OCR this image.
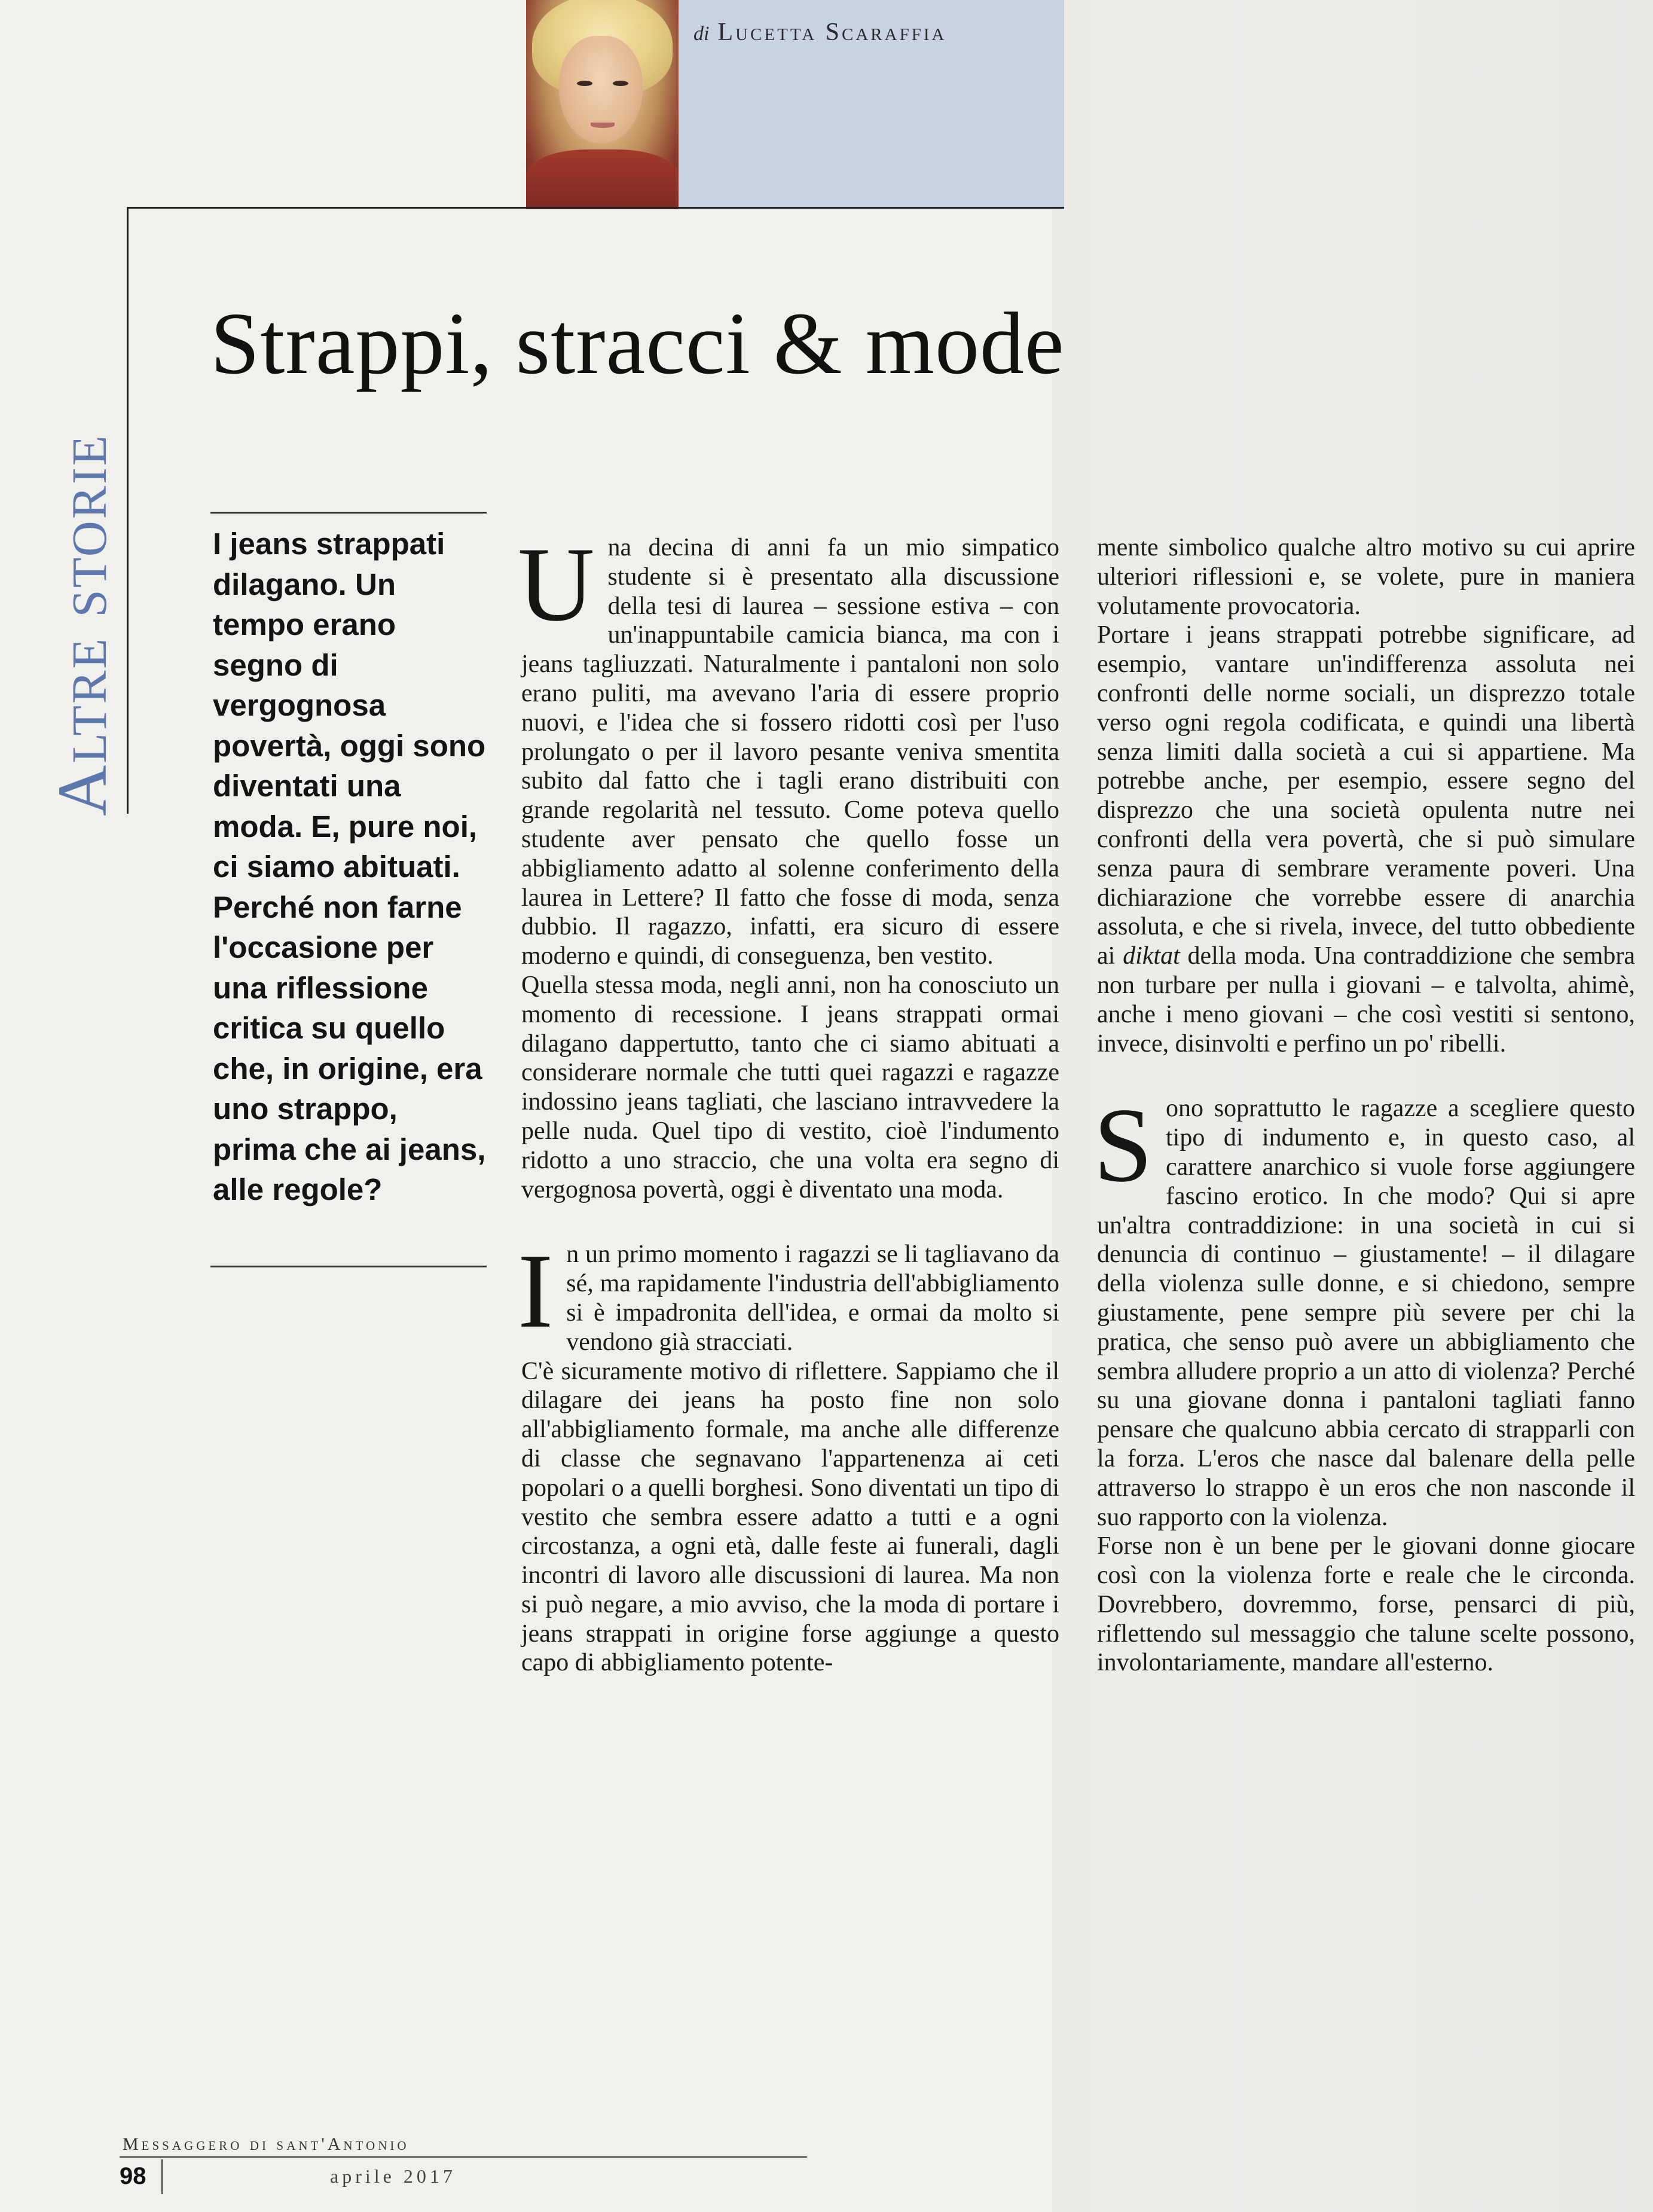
di Lucetta Scaraffia
Altre storie
Strappi, stracci & mode
I jeans strappati dilagano. Un tempo erano segno di vergognosa povertà, oggi sono diventati una moda. E, pure noi, ci siamo abituati. Perché non farne l'occasione per una riflessione critica su quello che, in origine, era uno strappo, prima che ai jeans, alle regole?

Una decina di anni fa un mio simpatico studente si è presentato alla discussione della tesi di laurea – sessione estiva – con un'inappuntabile camicia bianca, ma con i jeans tagliuzzati. Naturalmente i pantaloni non solo erano puliti, ma avevano l'aria di essere proprio nuovi, e l'idea che si fossero ridotti così per l'uso prolungato o per il lavoro pesante veniva smentita subito dal fatto che i tagli erano distribuiti con grande regolarità nel tessuto. Come poteva quello studente aver pensato che quello fosse un abbigliamento adatto al solenne conferimento della laurea in Lettere? Il fatto che fosse di moda, senza dubbio. Il ragazzo, infatti, era sicuro di essere moderno e quindi, di conseguenza, ben vestito.

Quella stessa moda, negli anni, non ha conosciuto un momento di recessione. I jeans strappati ormai dilagano dappertutto, tanto che ci siamo abituati a considerare normale che tutti quei ragazzi e ragazze indossino jeans tagliati, che lasciano intravvedere la pelle nuda. Quel tipo di vestito, cioè l'indumento ridotto a uno straccio, che una volta era segno di vergognosa povertà, oggi è diventato una moda.

In un primo momento i ragazzi se li tagliavano da sé, ma rapidamente l'industria dell'abbigliamento si è impadronita dell'idea, e ormai da molto si vendono già stracciati.

C'è sicuramente motivo di riflettere. Sappiamo che il dilagare dei jeans ha posto fine non solo all'abbigliamento formale, ma anche alle differenze di classe che segnavano l'appartenenza ai ceti popolari o a quelli borghesi. Sono diventati un tipo di vestito che sembra essere adatto a tutti e a ogni circostanza, a ogni età, dalle feste ai funerali, dagli incontri di lavoro alle discussioni di laurea. Ma non si può negare, a mio avviso, che la moda di portare i jeans strappati in origine forse aggiunge a questo capo di abbigliamento potente-

mente simbolico qualche altro motivo su cui aprire ulteriori riflessioni e, se volete, pure in maniera volutamente provocatoria.

Portare i jeans strappati potrebbe significare, ad esempio, vantare un'indifferenza assoluta nei confronti delle norme sociali, un disprezzo totale verso ogni regola codificata, e quindi una libertà senza limiti dalla società a cui si appartiene. Ma potrebbe anche, per esempio, essere segno del disprezzo che una società opulenta nutre nei confronti della vera povertà, che si può simulare senza paura di sembrare veramente poveri. Una dichiarazione che vorrebbe essere di anarchia assoluta, e che si rivela, invece, del tutto obbediente ai diktat della moda. Una contraddizione che sembra non turbare per nulla i giovani – e talvolta, ahimè, anche i meno giovani – che così vestiti si sentono, invece, disinvolti e perfino un po' ribelli.

Sono soprattutto le ragazze a scegliere questo tipo di indumento e, in questo caso, al carattere anarchico si vuole forse aggiungere fascino erotico. In che modo? Qui si apre un'altra contraddizione: in una società in cui si denuncia di continuo – giustamente! – il dilagare della violenza sulle donne, e si chiedono, sempre giustamente, pene sempre più severe per chi la pratica, che senso può avere un abbigliamento che sembra alludere proprio a un atto di violenza? Perché su una giovane donna i pantaloni tagliati fanno pensare che qualcuno abbia cercato di strapparli con la forza. L'eros che nasce dal balenare della pelle attraverso lo strappo è un eros che non nasconde il suo rapporto con la violenza.

Forse non è un bene per le giovani donne giocare così con la violenza forte e reale che le circonda. Dovrebbero, dovremmo, forse, pensarci di più, riflettendo sul messaggio che talune scelte possono, involontariamente, mandare all'esterno.

Messaggero di sant'Antonio
98	aprile 2017
